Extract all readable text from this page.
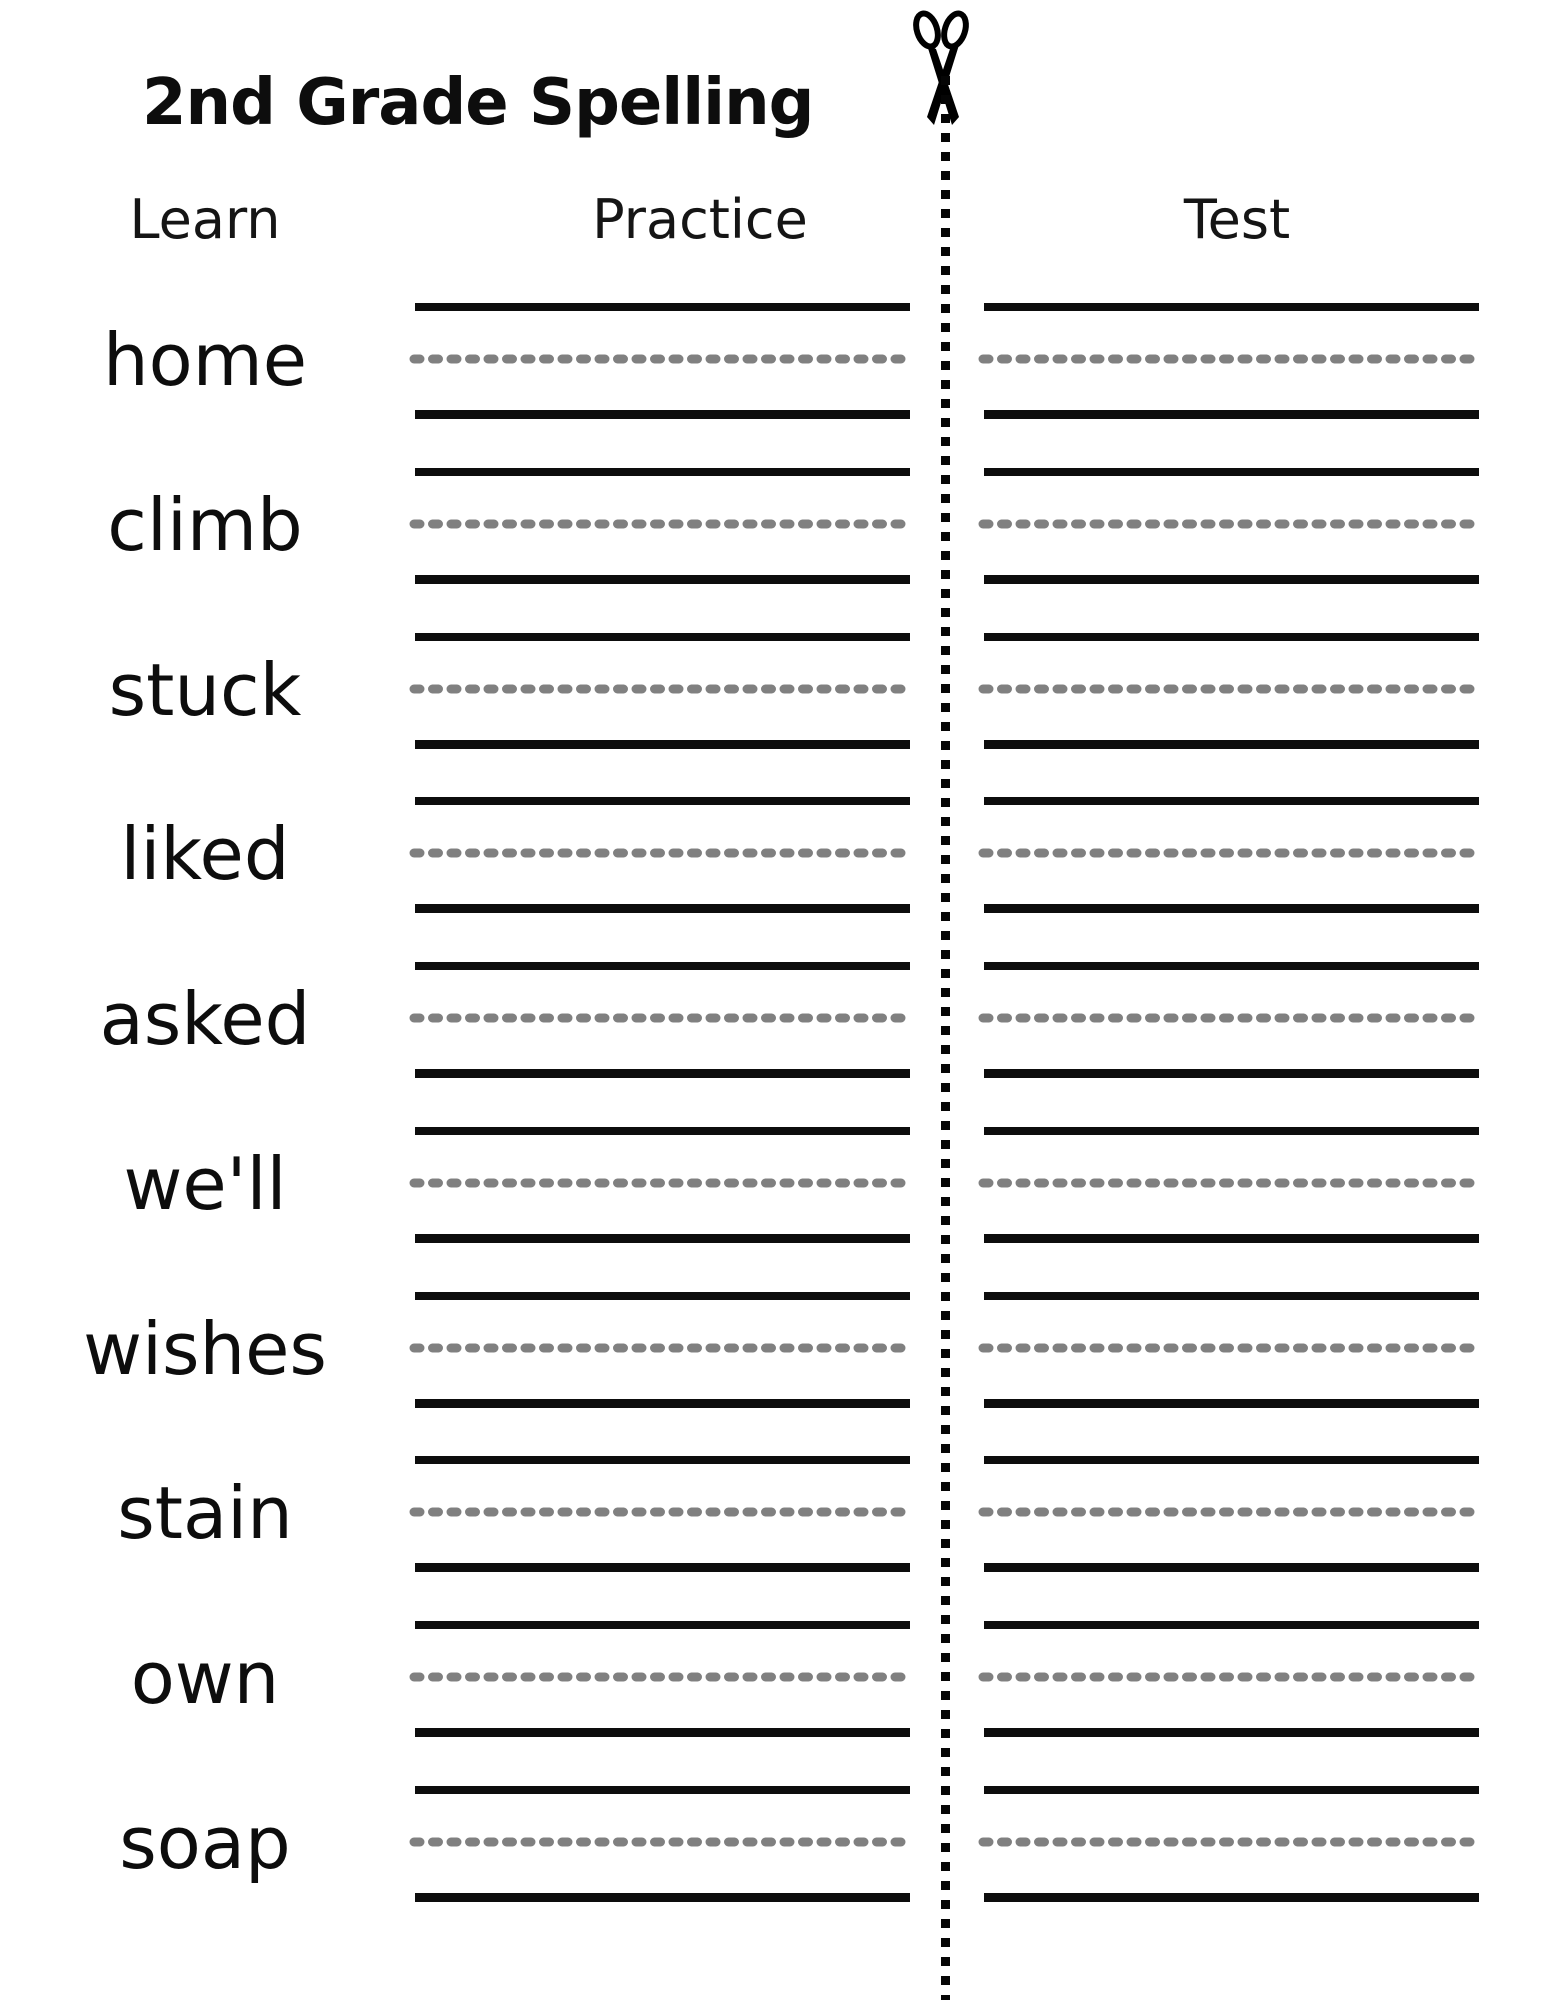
2nd Grade Spelling
Learn	Practice	Test
home
climb
stuck
liked
asked
we'll
wishes
stain
own
soap
